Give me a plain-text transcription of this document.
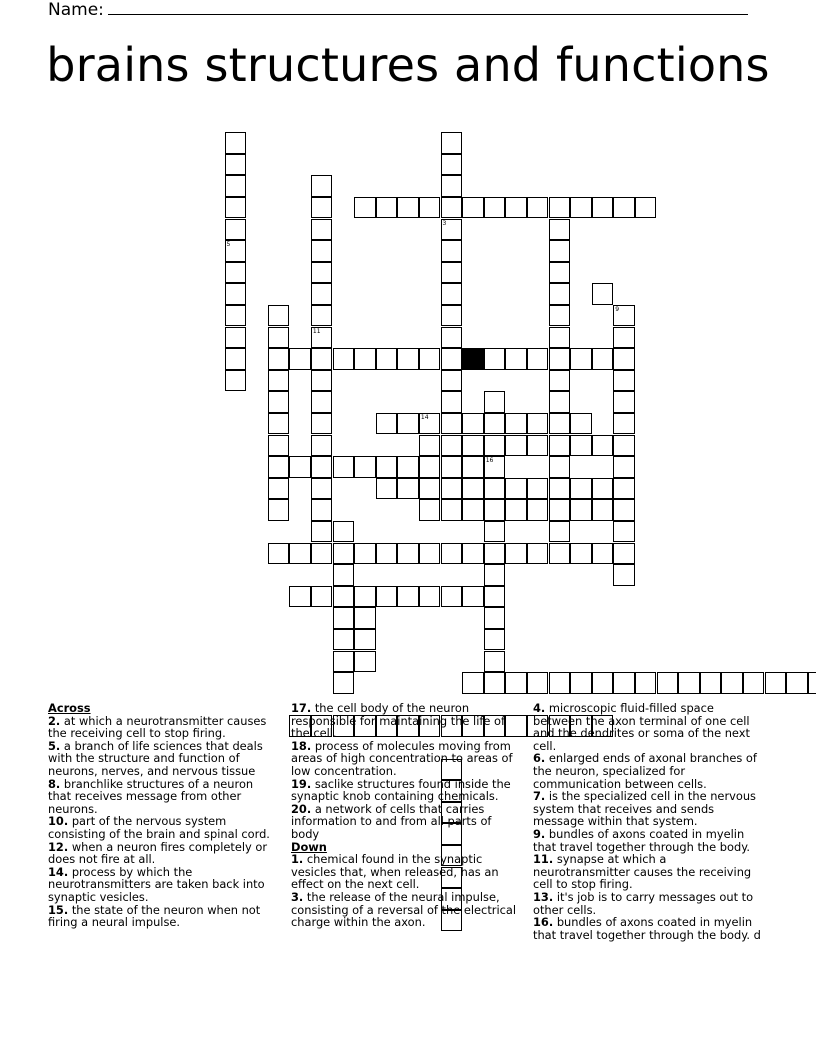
Name:
brains structures and functions
9
5
11
3
16
14
Across

2. at which a neurotransmitter causes the receiving cell to stop firing.

5. a branch of life sciences that deals with the structure and function of neurons, nerves, and nervous tissue

8. branchlike structures of a neuron that receives message from other neurons.

10. part of the nervous system consisting of the brain and spinal cord.

12. when a neuron fires completely or does not fire at all.

14. process by which the neurotransmitters are taken back into synaptic vesicles.

15. the state of the neuron when not firing a neural impulse.

17. the cell body of the neuron responsible for maintaining the life of the cell.

18. process of molecules moving from areas of high concentration to areas of low concentration.

19. saclike structures found inside the synaptic knob containing chemicals.

20. a network of cells that carries information to and from all parts of body

Down

1. chemical found in the synaptic vesicles that, when released, has an effect on the next cell.

3. the release of the neural impulse, consisting of a reversal of the electrical charge within the axon.

4. microscopic fluid-filled space between the axon terminal of one cell and the dendrites or soma of the next cell.

6. enlarged ends of axonal branches of the neuron, specialized for communication between cells.

7. is the specialized cell in the nervous system that receives and sends message within that system.

9. bundles of axons coated in myelin that travel together through the body.

11. synapse at which a neurotransmitter causes the receiving cell to stop firing.

13. it's job is to carry messages out to other cells.

16. bundles of axons coated in myelin that travel together through the body. d
